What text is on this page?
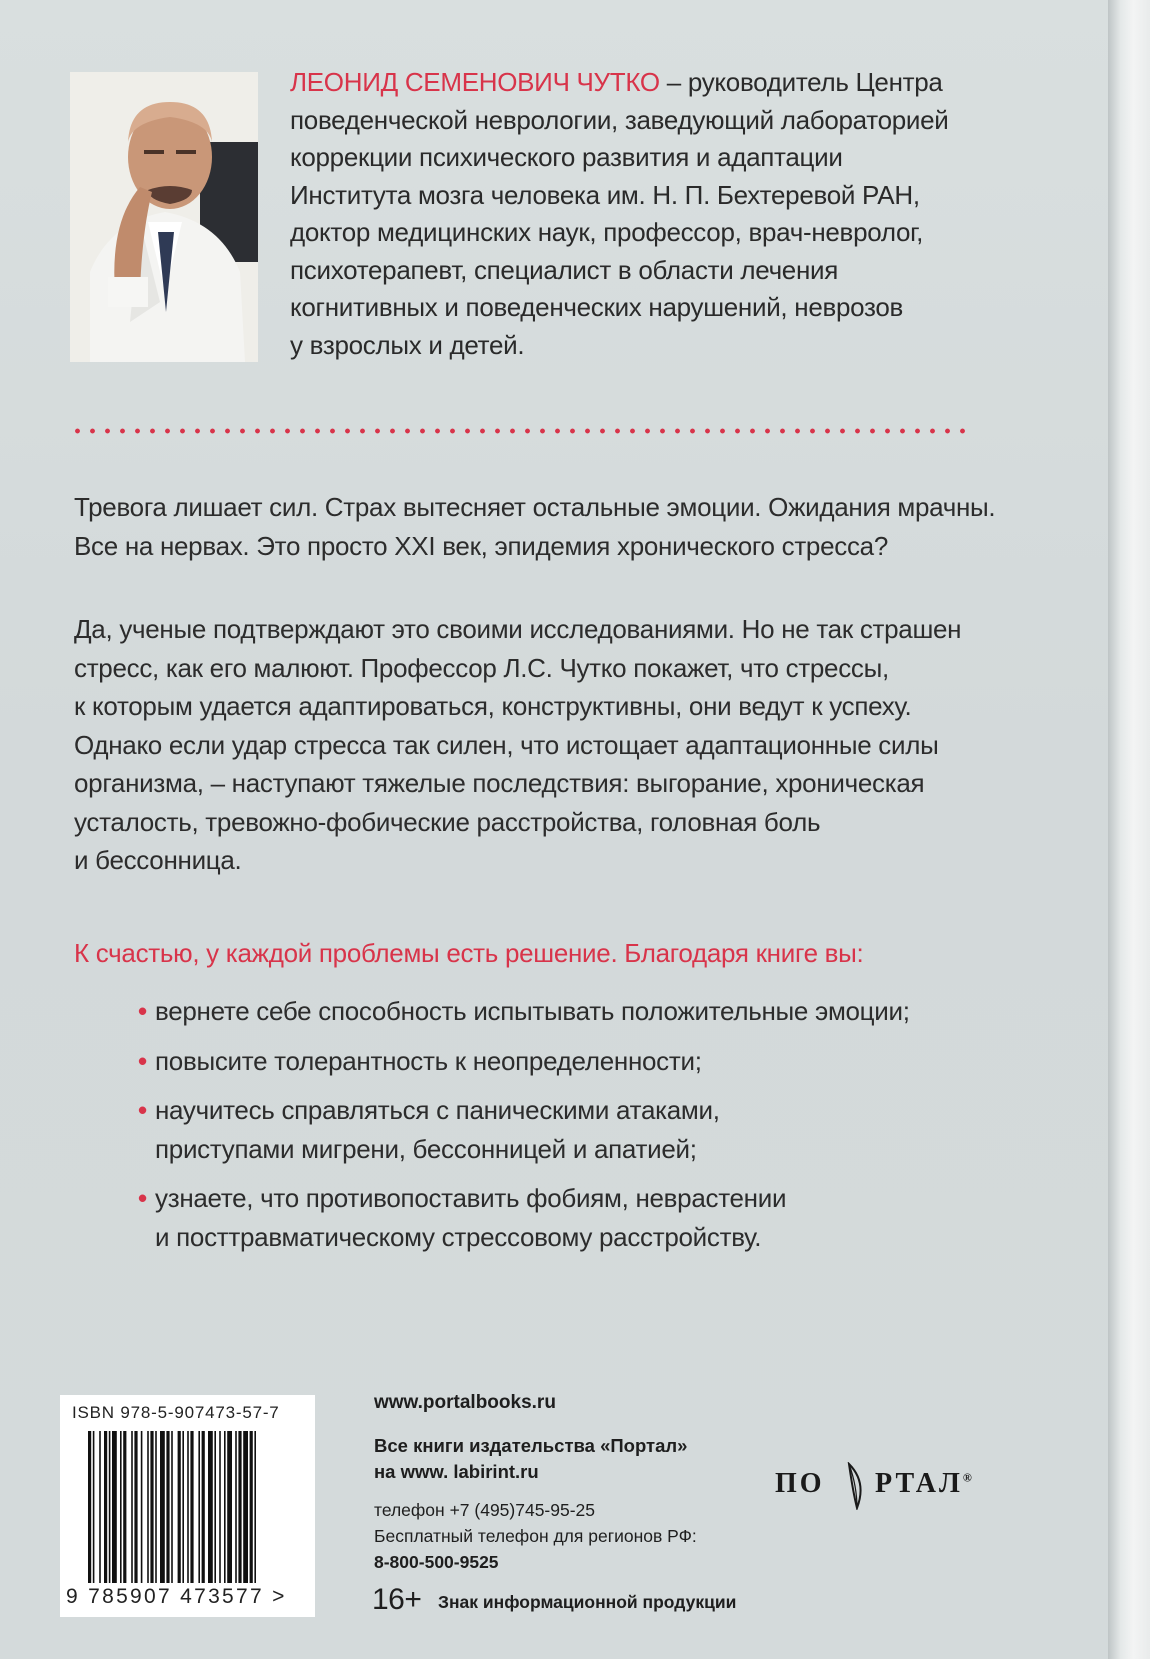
ЛЕОНИД СЕМЕНОВИЧ ЧУТКО – руководитель Центра
поведенческой неврологии, заведующий лабораторией
коррекции психического развития и адаптации
Института мозга человека им. Н. П. Бехтеревой РАН,
доктор медицинских наук, профессор, врач-невролог,
психотерапевт, специалист в области лечения
когнитивных и поведенческих нарушений, неврозов
у взрослых и детей.
Тревога лишает сил. Страх вытесняет остальные эмоции. Ожидания мрачны.
Все на нервах. Это просто XXI век, эпидемия хронического стресса?
Да, ученые подтверждают это своими исследованиями. Но не так страшен
стресс, как его малюют. Профессор Л.С. Чутко покажет, что стрессы,
к которым удается адаптироваться, конструктивны, они ведут к успеху.
Однако если удар стресса так силен, что истощает адаптационные силы
организма, – наступают тяжелые последствия: выгорание, хроническая
усталость, тревожно-фобические расстройства, головная боль
и бессонница.
К счастью, у каждой проблемы есть решение. Благодаря книге вы:
• вернете себе способность испытывать положительные эмоции;
• повысите толерантность к неопределенности;
• научитесь справляться с паническими атаками,
приступами мигрени, бессонницей и апатией;
• узнаете, что противопоставить фобиям, неврастении
и посттравматическому стрессовому расстройству.
ISBN 978-5-907473-57-7
9 785907 473577 >
www.portalbooks.ru
Все книги издательства «Портал»
на www. labirint.ru
телефон +7 (495)745-95-25
Бесплатный телефон для регионов РФ:
8-800-500-9525
16+ Знак информационной продукции
ПО РТАЛ®
